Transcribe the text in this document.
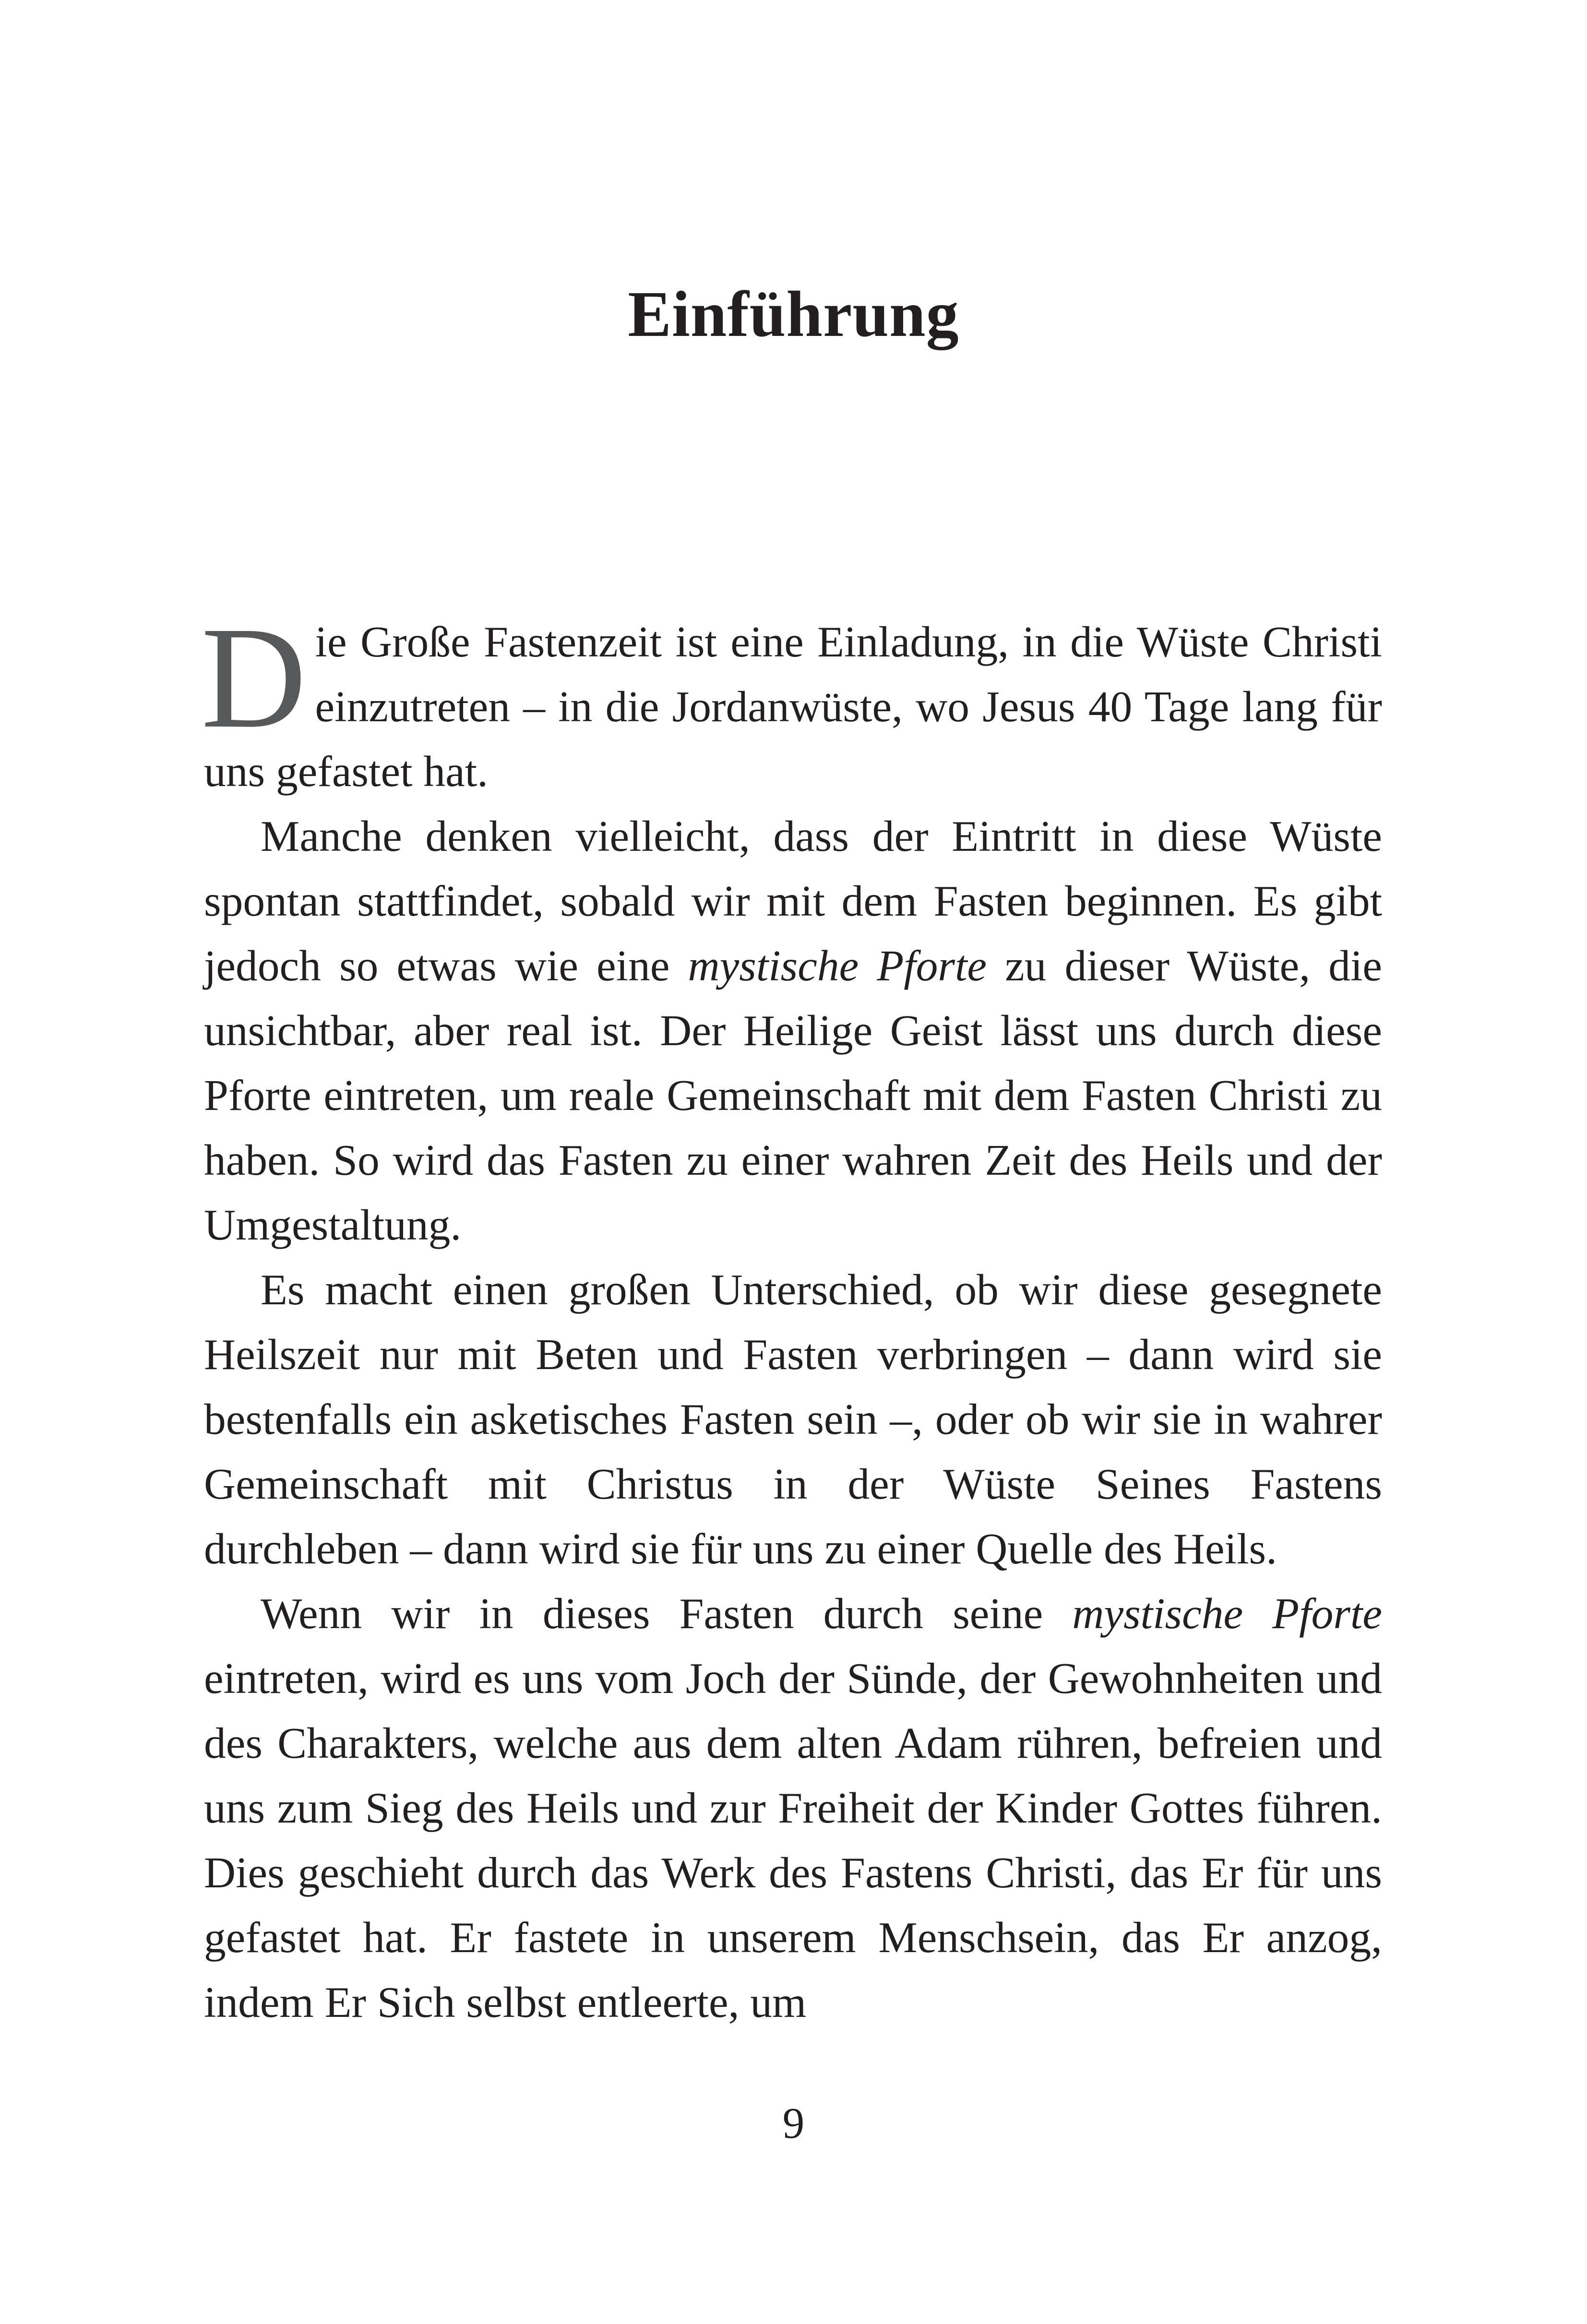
Einführung

Die Große Fastenzeit ist eine Einladung, in die Wüste Christi einzutreten – in die Jordanwüste, wo Jesus 40 Tage lang für uns gefastet hat.

Manche denken vielleicht, dass der Eintritt in diese Wüste spontan stattfindet, sobald wir mit dem Fasten beginnen. Es gibt jedoch so etwas wie eine mystische Pforte zu dieser Wüste, die unsichtbar, aber real ist. Der Heilige Geist lässt uns durch diese Pforte eintreten, um reale Gemeinschaft mit dem Fasten Christi zu haben. So wird das Fasten zu einer wahren Zeit des Heils und der Umgestaltung.

Es macht einen großen Unterschied, ob wir diese gesegnete Heilszeit nur mit Beten und Fasten verbringen – dann wird sie bestenfalls ein asketisches Fasten sein –, oder ob wir sie in wahrer Gemeinschaft mit Christus in der Wüste Seines Fastens durchleben – dann wird sie für uns zu einer Quelle des Heils.

Wenn wir in dieses Fasten durch seine mystische Pforte eintreten, wird es uns vom Joch der Sünde, der Gewohnheiten und des Charakters, welche aus dem alten Adam rühren, befreien und uns zum Sieg des Heils und zur Freiheit der Kinder Gottes führen. Dies geschieht durch das Werk des Fastens Christi, das Er für uns gefastet hat. Er fastete in unserem Menschsein, das Er anzog, indem Er Sich selbst entleerte, um

9
